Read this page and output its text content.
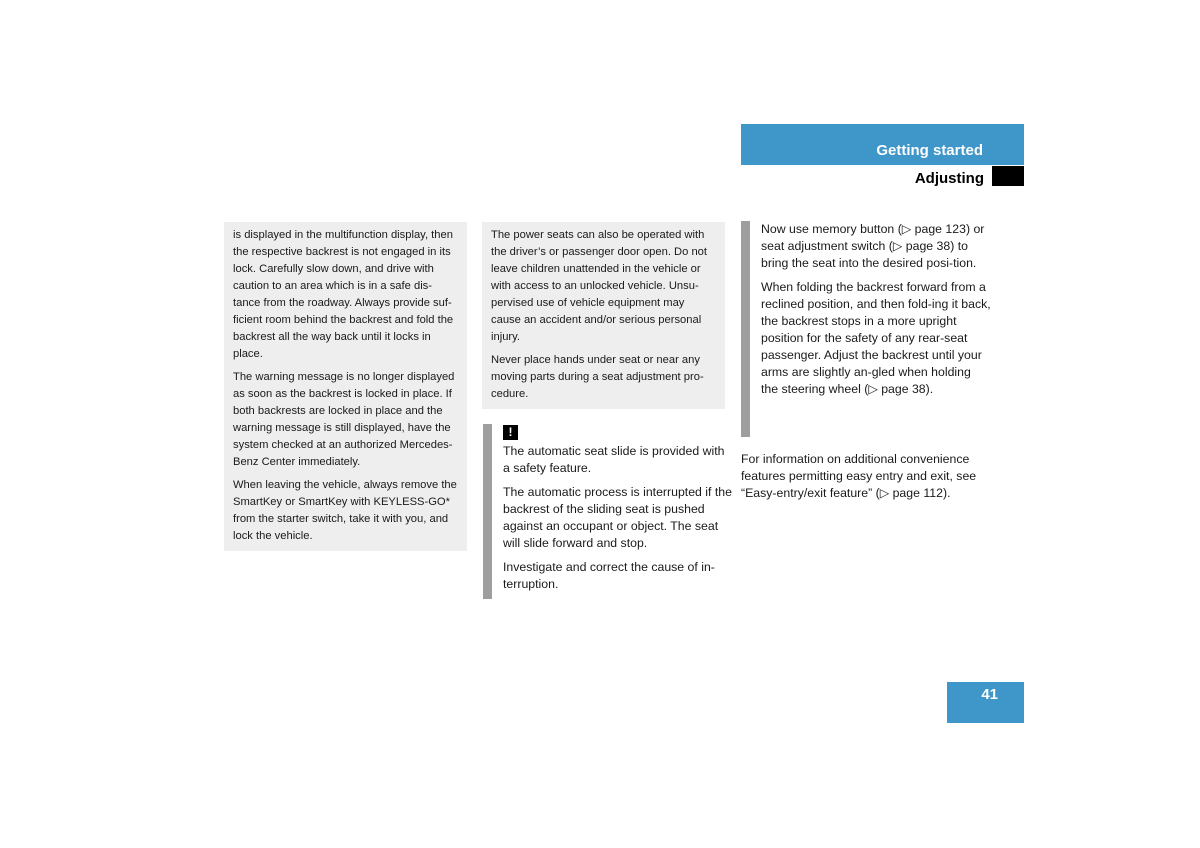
Getting started
Adjusting

is displayed in the multifunction display, then the respective backrest is not engaged in its lock. Carefully slow down, and drive with caution to an area which is in a safe dis-tance from the roadway. Always provide suf-ficient room behind the backrest and fold the backrest all the way back until it locks in place.

The warning message is no longer displayed as soon as the backrest is locked in place. If both backrests are locked in place and the warning message is still displayed, have the system checked at an authorized Mercedes-Benz Center immediately.

When leaving the vehicle, always remove the SmartKey or SmartKey with KEYLESS-GO* from the starter switch, take it with you, and lock the vehicle.

The power seats can also be operated with the driver’s or passenger door open. Do not leave children unattended in the vehicle or with access to an unlocked vehicle. Unsu-pervised use of vehicle equipment may cause an accident and/or serious personal injury.

Never place hands under seat or near any moving parts during a seat adjustment pro-cedure.

!

The automatic seat slide is provided with a safety feature.

The automatic process is interrupted if the backrest of the sliding seat is pushed against an occupant or object. The seat will slide forward and stop.

Investigate and correct the cause of in-terruption.

Now use memory button (▷ page 123) or seat adjustment switch (▷ page 38) to bring the seat into the desired posi-tion.

When folding the backrest forward from a reclined position, and then fold-ing it back, the backrest stops in a more upright position for the safety of any rear-seat passenger. Adjust the backrest until your arms are slightly an-gled when holding the steering wheel (▷ page 38).

For information on additional convenience features permitting easy entry and exit, see “Easy-entry/exit feature” (▷ page 112).

41
